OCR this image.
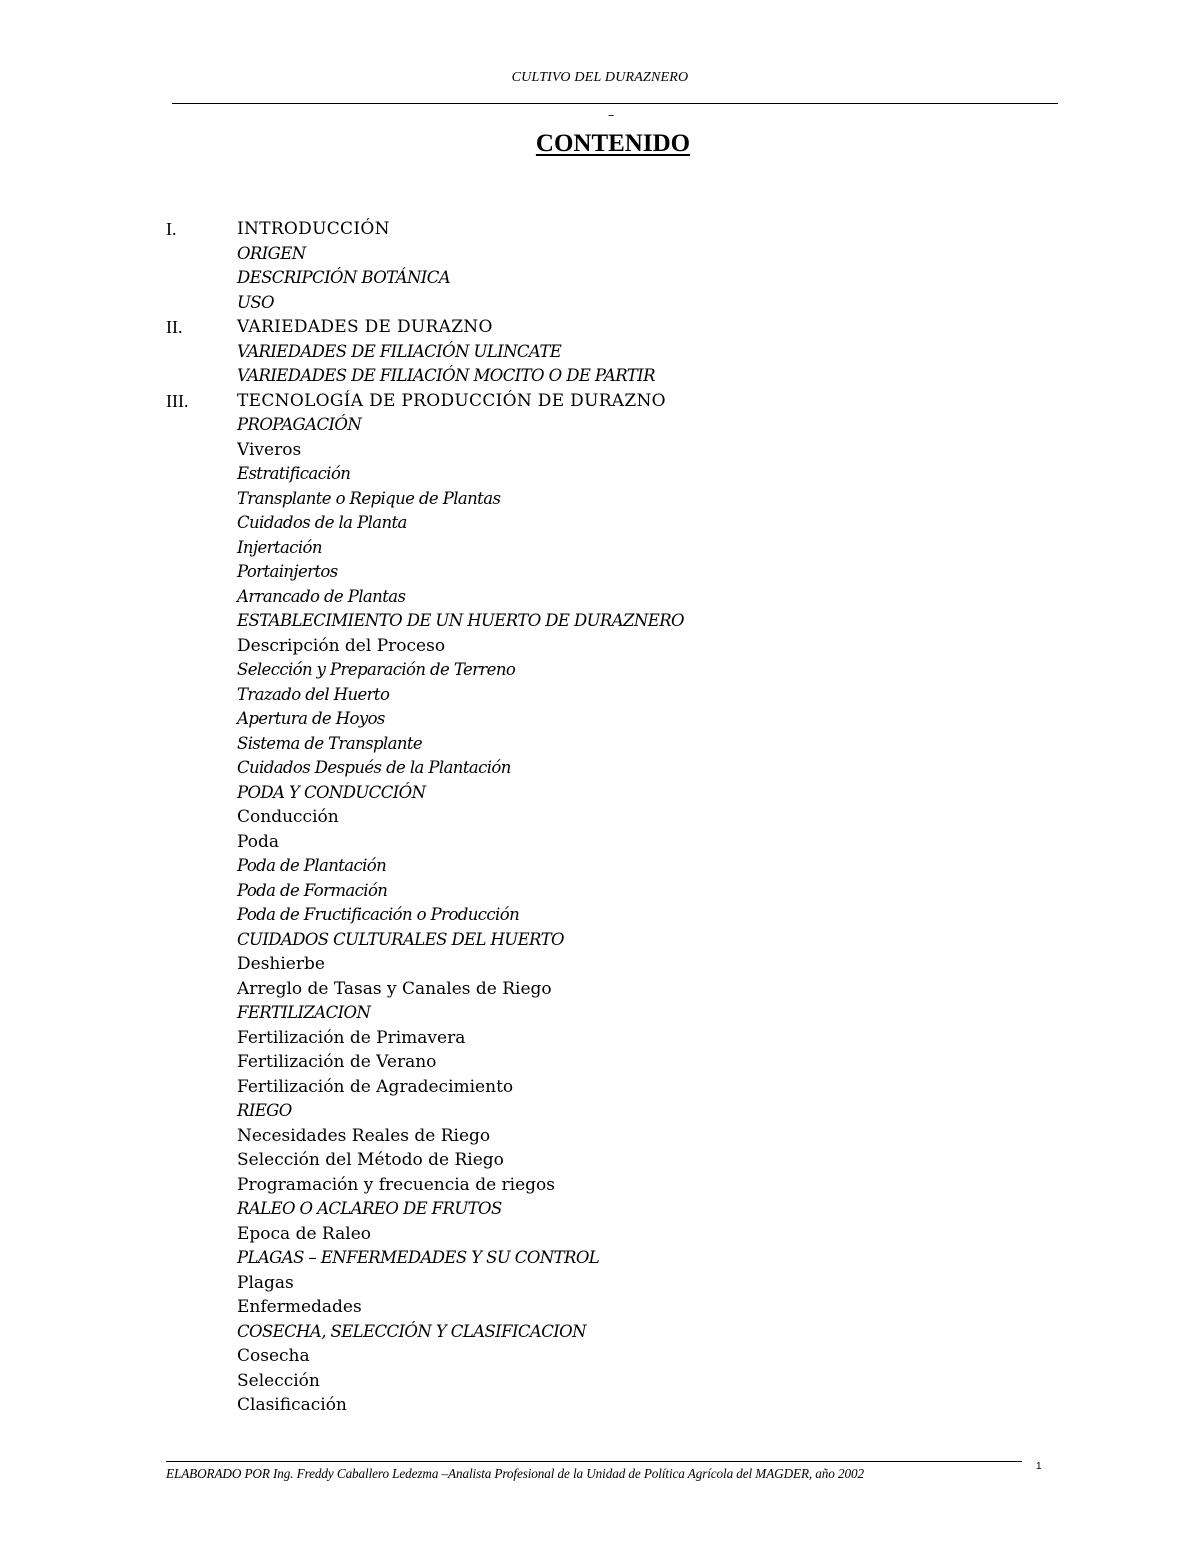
CULTIVO DEL DURAZNERO
–
CONTENIDO
I.	INTRODUCCIÓN
ORIGEN
DESCRIPCIÓN BOTÁNICA
USO
II.	VARIEDADES DE DURAZNO
VARIEDADES DE FILIACIÓN ULINCATE
VARIEDADES DE FILIACIÓN MOCITO O DE PARTIR
III.	TECNOLOGÍA DE PRODUCCIÓN DE DURAZNO
PROPAGACIÓN
Viveros
Estratificación
Transplante o Repique de Plantas
Cuidados de la Planta
Injertación
Portainjertos
Arrancado de Plantas
ESTABLECIMIENTO DE UN HUERTO DE DURAZNERO
Descripción del Proceso
Selección y Preparación de Terreno
Trazado del Huerto
Apertura de Hoyos
Sistema de Transplante
Cuidados Después de la Plantación
PODA Y CONDUCCIÓN
Conducción
Poda
Poda de Plantación
Poda de Formación
Poda de Fructificación o Producción
CUIDADOS CULTURALES DEL HUERTO
Deshierbe
Arreglo de Tasas y Canales de Riego
FERTILIZACION
Fertilización de Primavera
Fertilización de Verano
Fertilización de Agradecimiento
RIEGO
Necesidades Reales de Riego
Selección del Método de Riego
Programación y frecuencia de riegos
RALEO O ACLAREO DE FRUTOS
Epoca de Raleo
PLAGAS – ENFERMEDADES Y SU CONTROL
Plagas
Enfermedades
COSECHA, SELECCIÓN Y CLASIFICACION
Cosecha
Selección
Clasificación
ELABORADO POR Ing. Freddy Caballero Ledezma –Analista Profesional de la Unidad de Política Agrícola del MAGDER, año 2002	1
